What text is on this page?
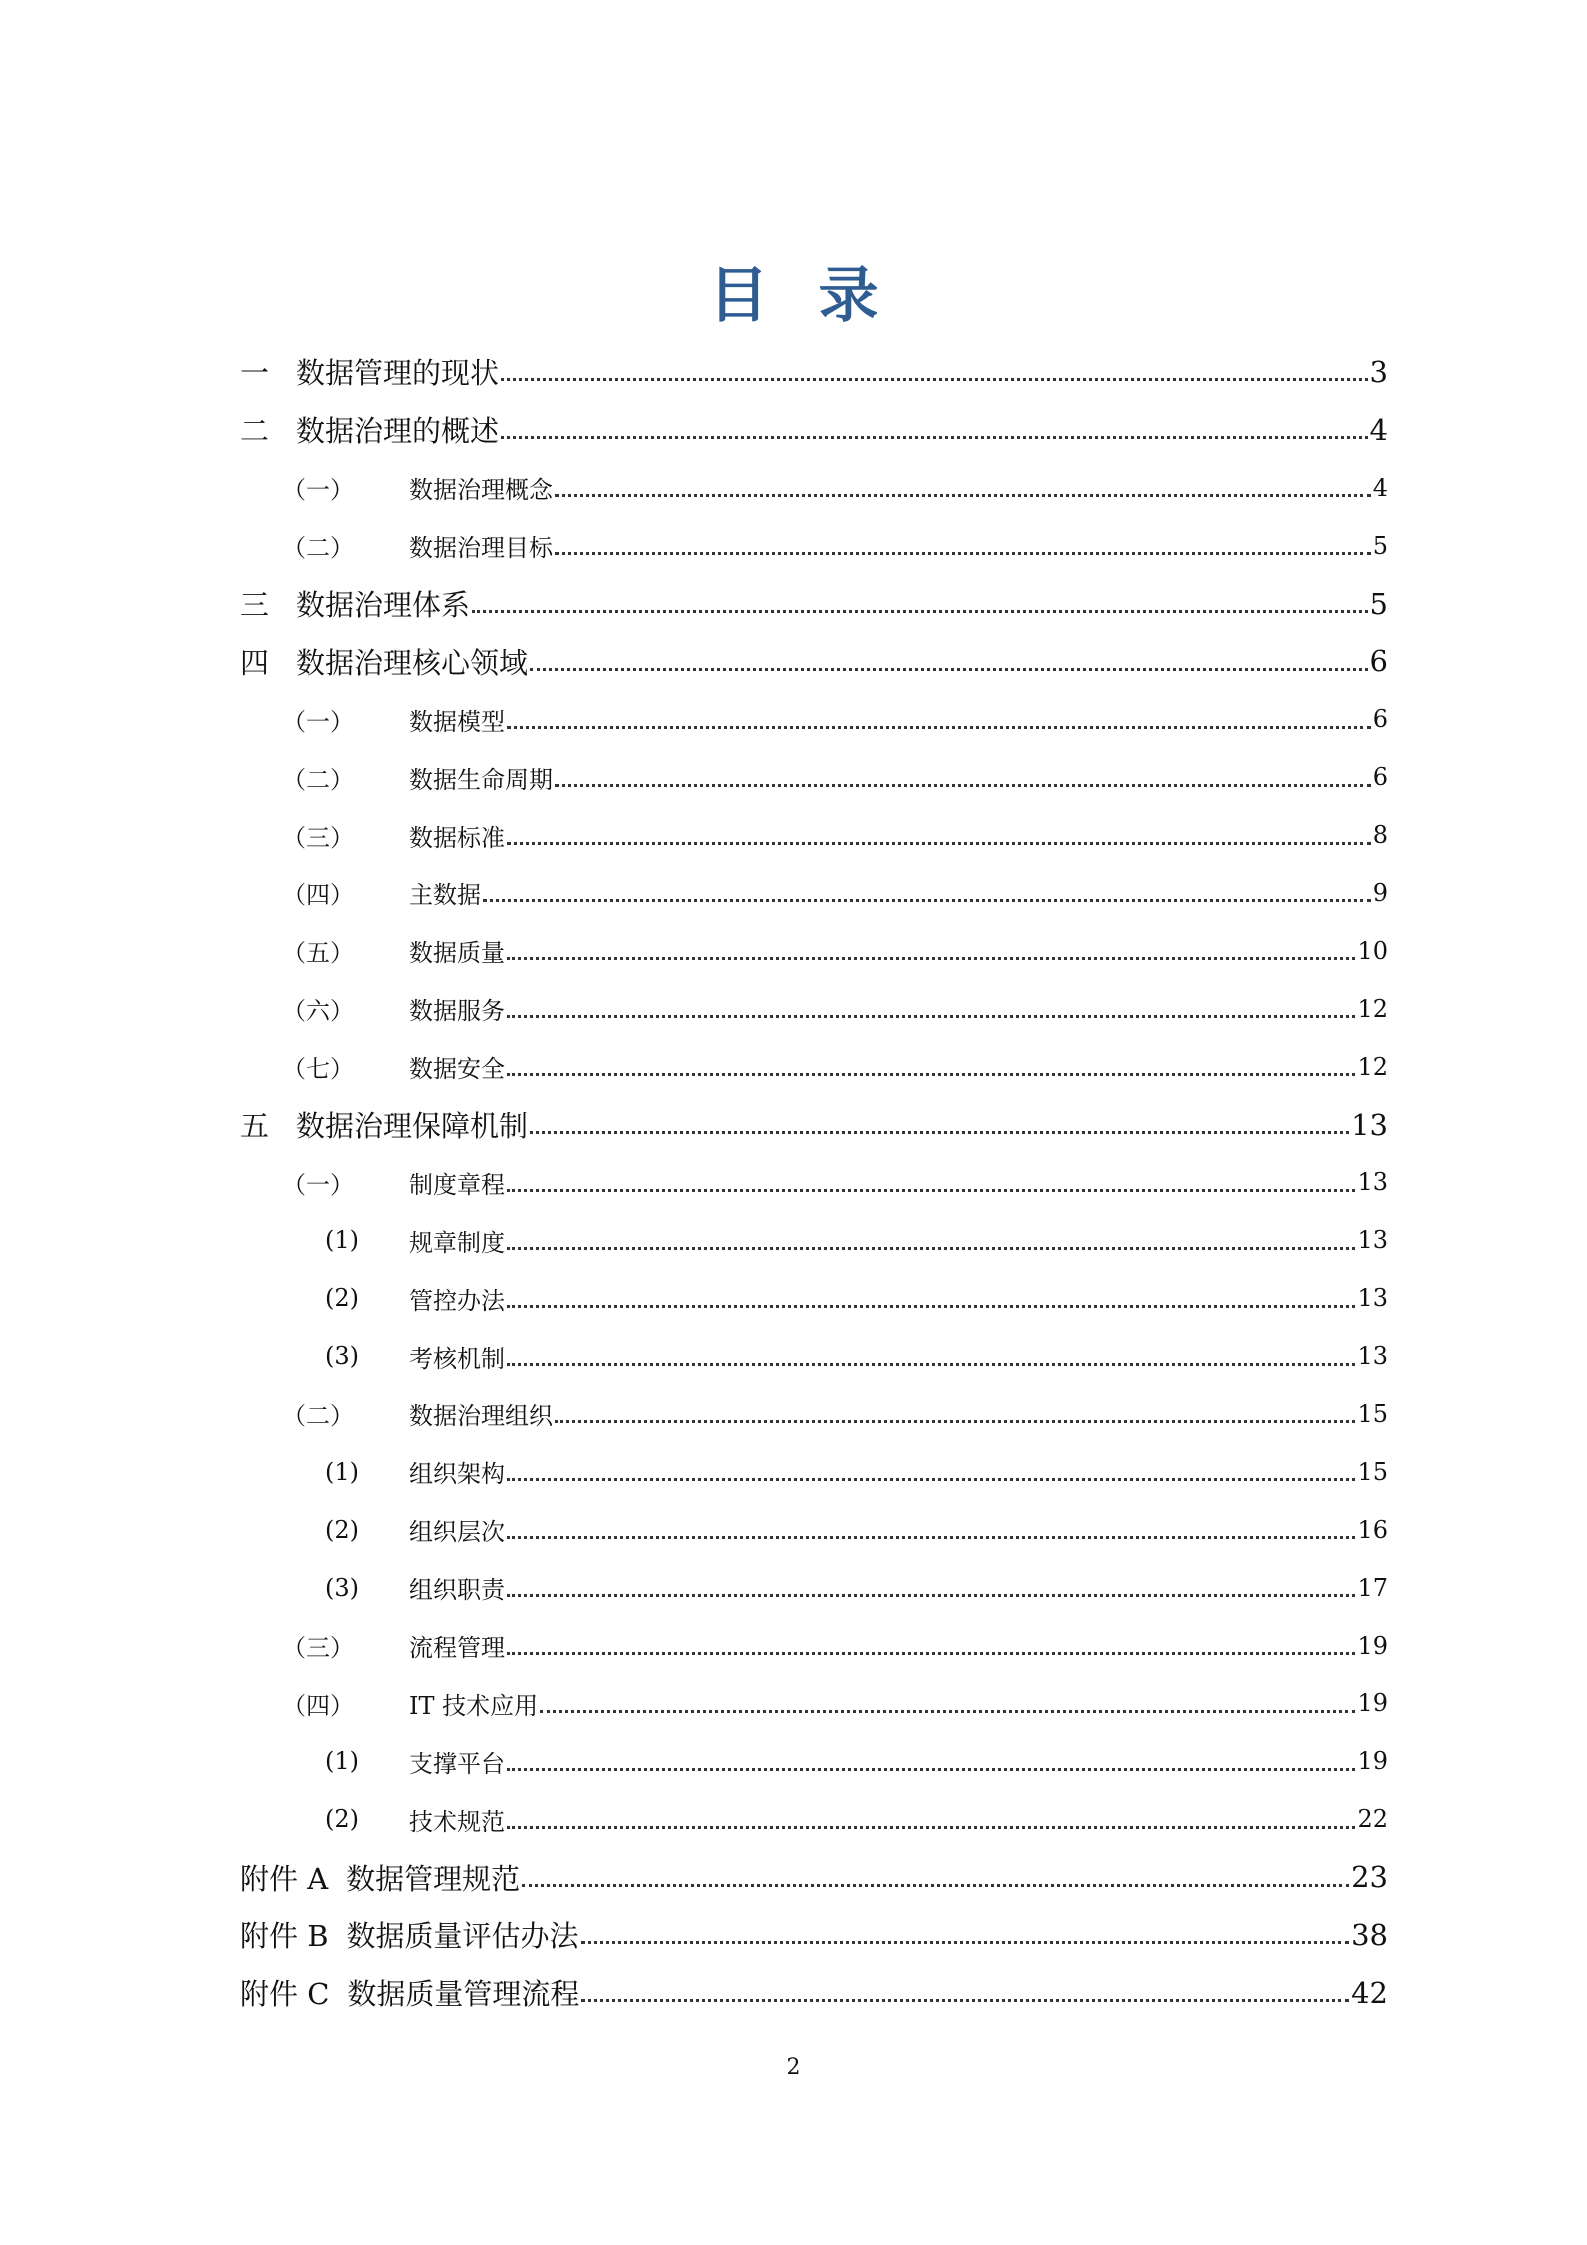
目录
一 数据管理的现状	3
二 数据治理的概述	4
（一）	数据治理概念	4
（二）	数据治理目标	5
三 数据治理体系	5
四 数据治理核心领域	6
（一）	数据模型	6
（二）	数据生命周期	6
（三）	数据标准	8
（四）	主数据	9
（五）	数据质量	10
（六）	数据服务	12
（七）	数据安全	12
五 数据治理保障机制	13
（一）	制度章程	13
(1)	规章制度	13
(2)	管控办法	13
(3)	考核机制	13
（二）	数据治理组织	15
(1)	组织架构	15
(2)	组织层次	16
(3)	组织职责	17
（三）	流程管理	19
（四）	IT 技术应用	19
(1)	支撑平台	19
(2)	技术规范	22
附件 A 数据管理规范	23
附件 B 数据质量评估办法	38
附件 C 数据质量管理流程	42
2
